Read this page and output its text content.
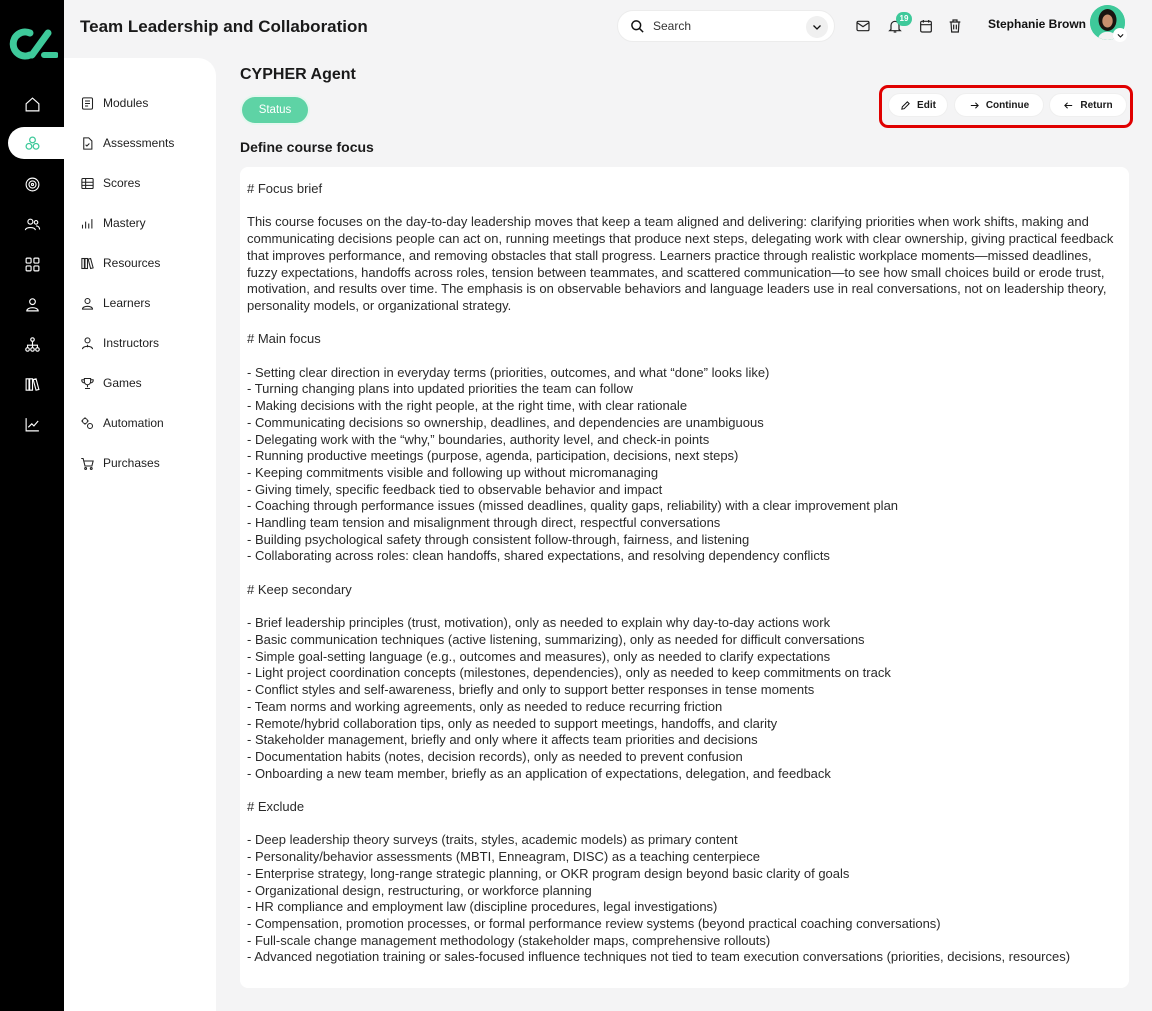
Team Leadership and Collaboration	Search
19	Stephanie Brown
Modules
Assessments
Scores
Mastery
Resources
Learners
Instructors
Games
Automation
Purchases
CYPHER Agent
Status	Edit	Continue	Return
Define course focus
# Focus brief

This course focuses on the day-to-day leadership moves that keep a team aligned and delivering: clarifying priorities when work shifts, making and communicating decisions people can act on, running meetings that produce next steps, delegating work with clear ownership, giving practical feedback that improves performance, and removing obstacles that stall progress. Learners practice through realistic workplace moments—missed deadlines, fuzzy expectations, handoffs across roles, tension between teammates, and scattered communication—to see how small choices build or erode trust, motivation, and results over time. The emphasis is on observable behaviors and language leaders use in real conversations, not on leadership theory, personality models, or organizational strategy.

# Main focus

- Setting clear direction in everyday terms (priorities, outcomes, and what “done” looks like)
- Turning changing plans into updated priorities the team can follow
- Making decisions with the right people, at the right time, with clear rationale
- Communicating decisions so ownership, deadlines, and dependencies are unambiguous
- Delegating work with the “why,” boundaries, authority level, and check-in points
- Running productive meetings (purpose, agenda, participation, decisions, next steps)
- Keeping commitments visible and following up without micromanaging
- Giving timely, specific feedback tied to observable behavior and impact
- Coaching through performance issues (missed deadlines, quality gaps, reliability) with a clear improvement plan
- Handling team tension and misalignment through direct, respectful conversations
- Building psychological safety through consistent follow-through, fairness, and listening
- Collaborating across roles: clean handoffs, shared expectations, and resolving dependency conflicts

# Keep secondary

- Brief leadership principles (trust, motivation), only as needed to explain why day-to-day actions work
- Basic communication techniques (active listening, summarizing), only as needed for difficult conversations
- Simple goal-setting language (e.g., outcomes and measures), only as needed to clarify expectations
- Light project coordination concepts (milestones, dependencies), only as needed to keep commitments on track
- Conflict styles and self-awareness, briefly and only to support better responses in tense moments
- Team norms and working agreements, only as needed to reduce recurring friction
- Remote/hybrid collaboration tips, only as needed to support meetings, handoffs, and clarity
- Stakeholder management, briefly and only where it affects team priorities and decisions
- Documentation habits (notes, decision records), only as needed to prevent confusion
- Onboarding a new team member, briefly as an application of expectations, delegation, and feedback

# Exclude

- Deep leadership theory surveys (traits, styles, academic models) as primary content
- Personality/behavior assessments (MBTI, Enneagram, DISC) as a teaching centerpiece
- Enterprise strategy, long-range strategic planning, or OKR program design beyond basic clarity of goals
- Organizational design, restructuring, or workforce planning
- HR compliance and employment law (discipline procedures, legal investigations)
- Compensation, promotion processes, or formal performance review systems (beyond practical coaching conversations)
- Full-scale change management methodology (stakeholder maps, comprehensive rollouts)
- Advanced negotiation training or sales-focused influence techniques not tied to team execution conversations (priorities, decisions, resources)
